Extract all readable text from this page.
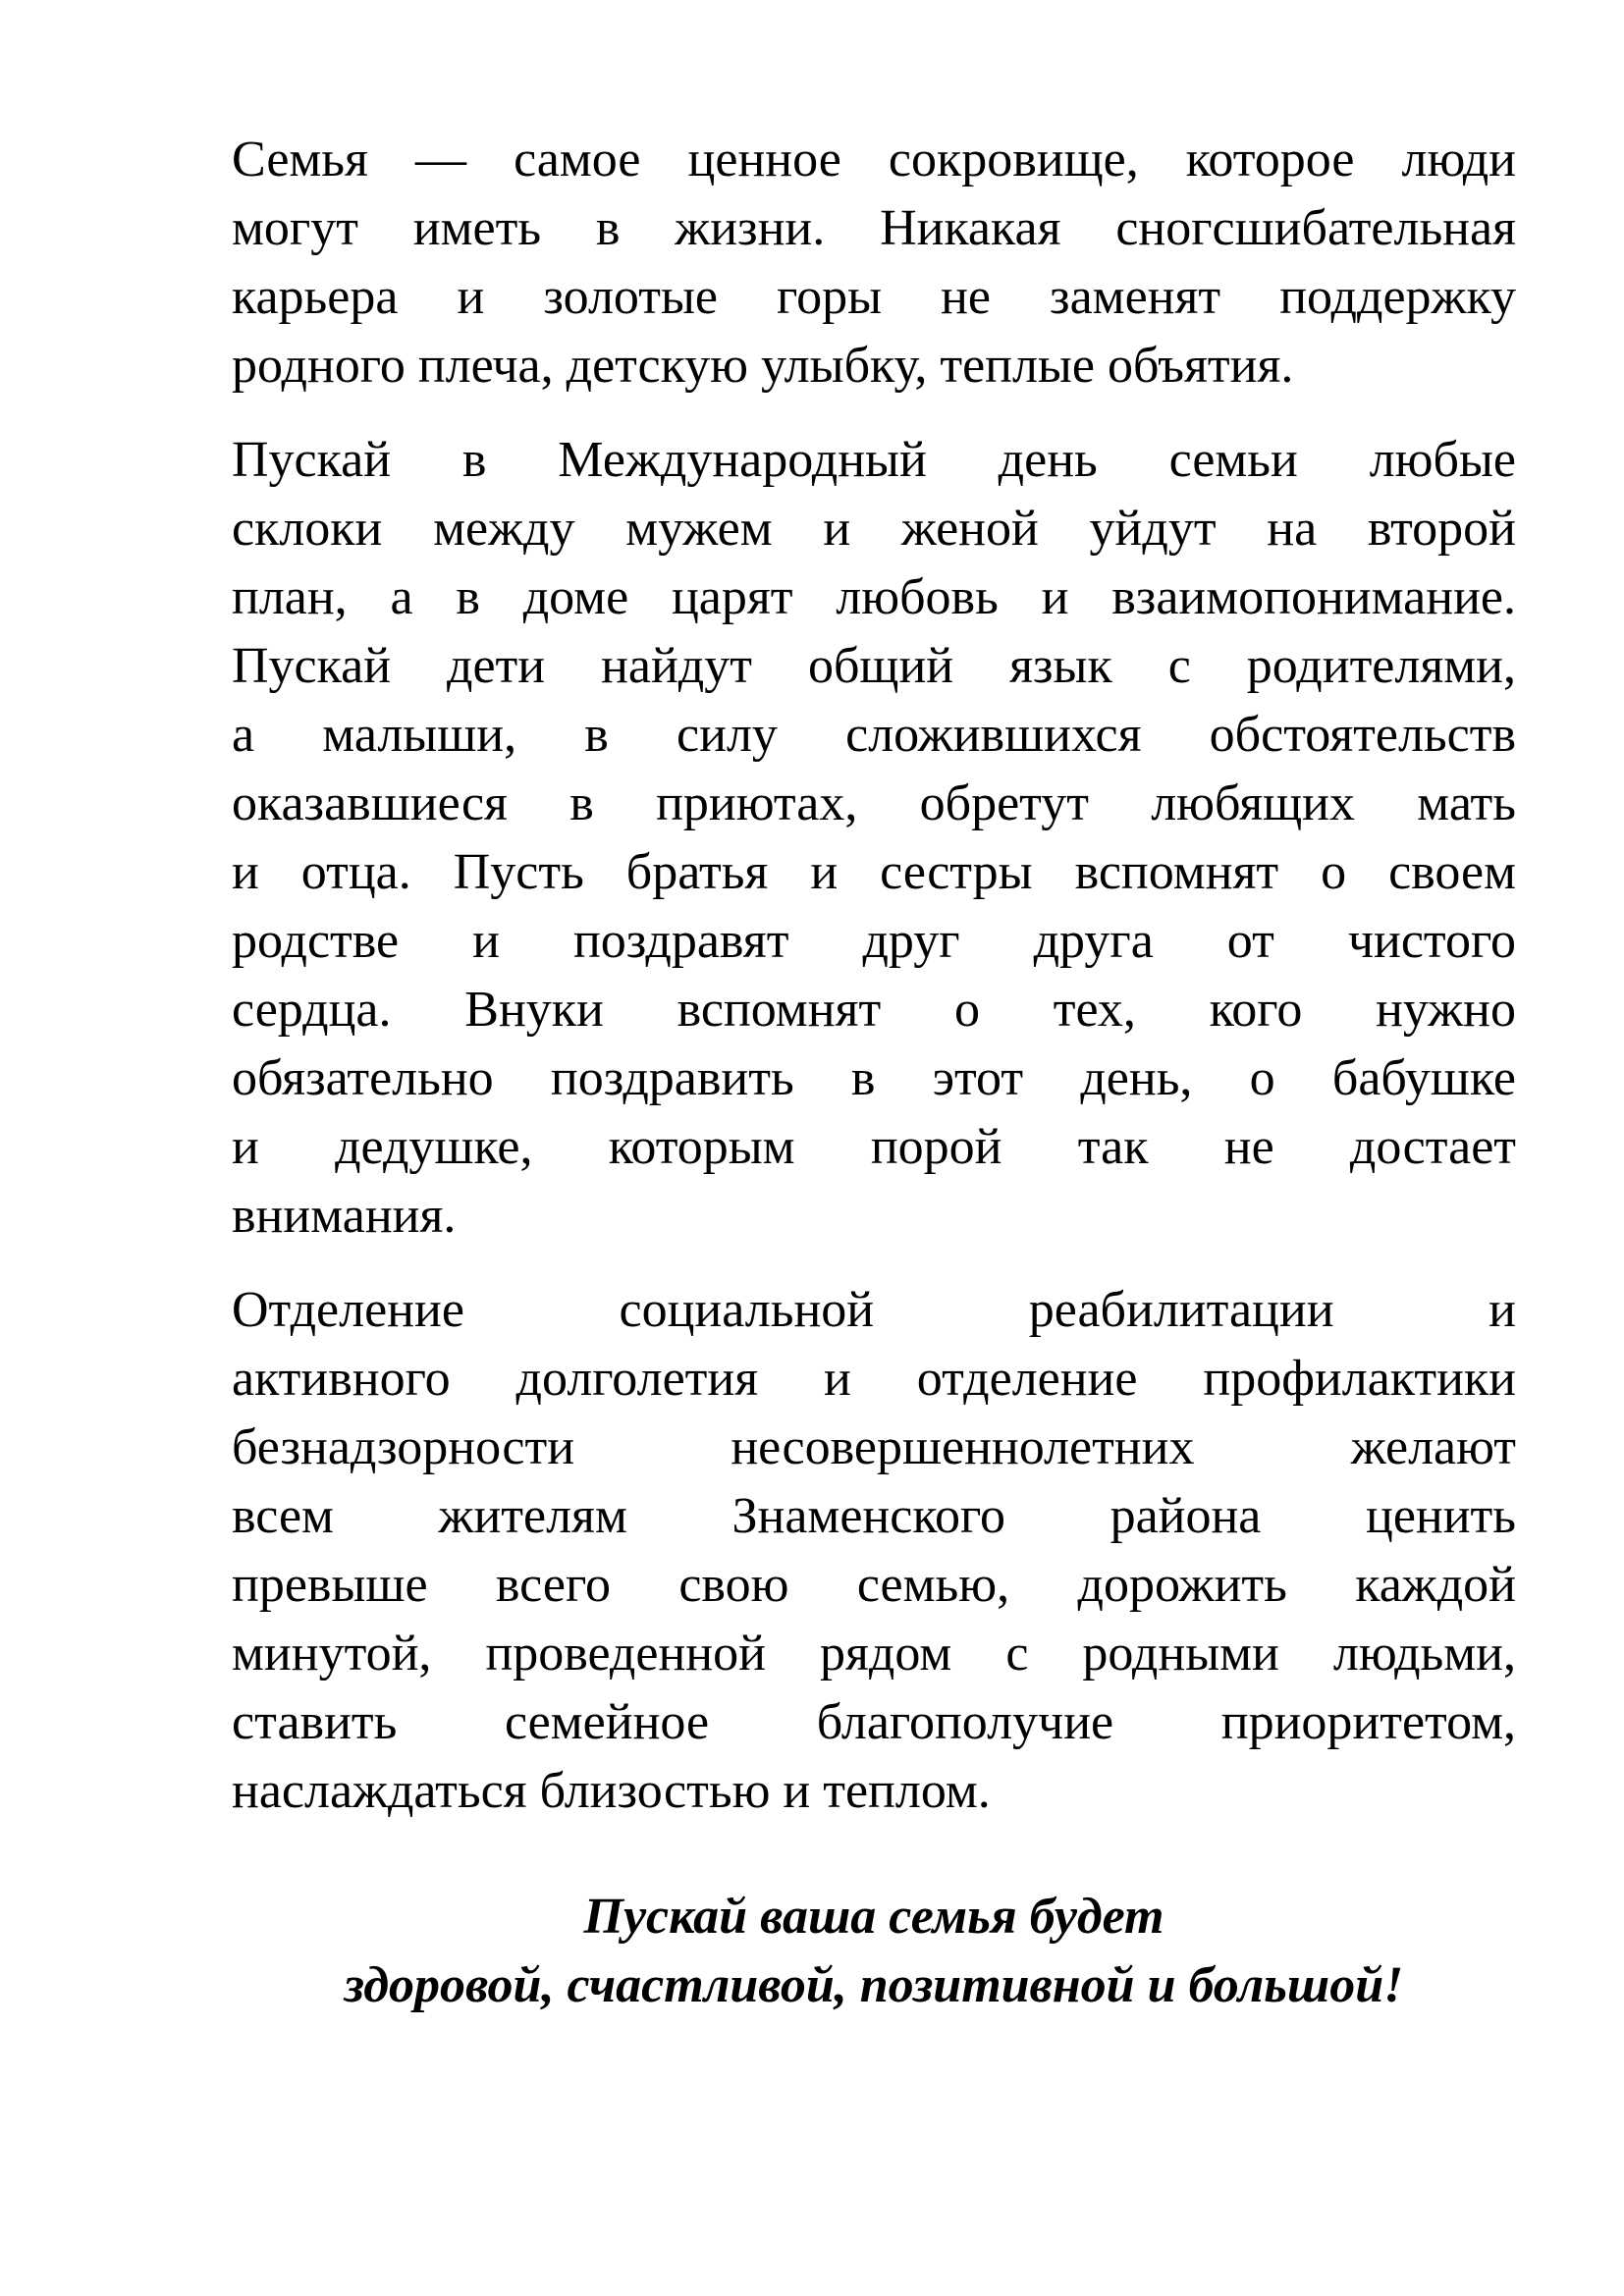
Семья — самое ценное сокровище, которое люди
могут иметь в жизни. Никакая сногсшибательная
карьера и золотые горы не заменят поддержку
родного плеча, детскую улыбку, теплые объятия.
Пускай в Международный день семьи любые
склоки между мужем и женой уйдут на второй
план, а в доме царят любовь и взаимопонимание.
Пускай дети найдут общий язык с родителями,
а малыши, в силу сложившихся обстоятельств
оказавшиеся в приютах, обретут любящих мать
и отца. Пусть братья и сестры вспомнят о своем
родстве и поздравят друг друга от чистого
сердца. Внуки вспомнят о тех, кого нужно
обязательно поздравить в этот день, о бабушке
и дедушке, которым порой так не достает
внимания.
Отделение социальной реабилитации и
активного долголетия и отделение профилактики
безнадзорности несовершеннолетних желают
всем жителям Знаменского района ценить
превыше всего свою семью, дорожить каждой
минутой, проведенной рядом с родными людьми,
ставить семейное благополучие приоритетом,
наслаждаться близостью и теплом.
Пускай ваша семья будет
здоровой, счастливой, позитивной и большой!
